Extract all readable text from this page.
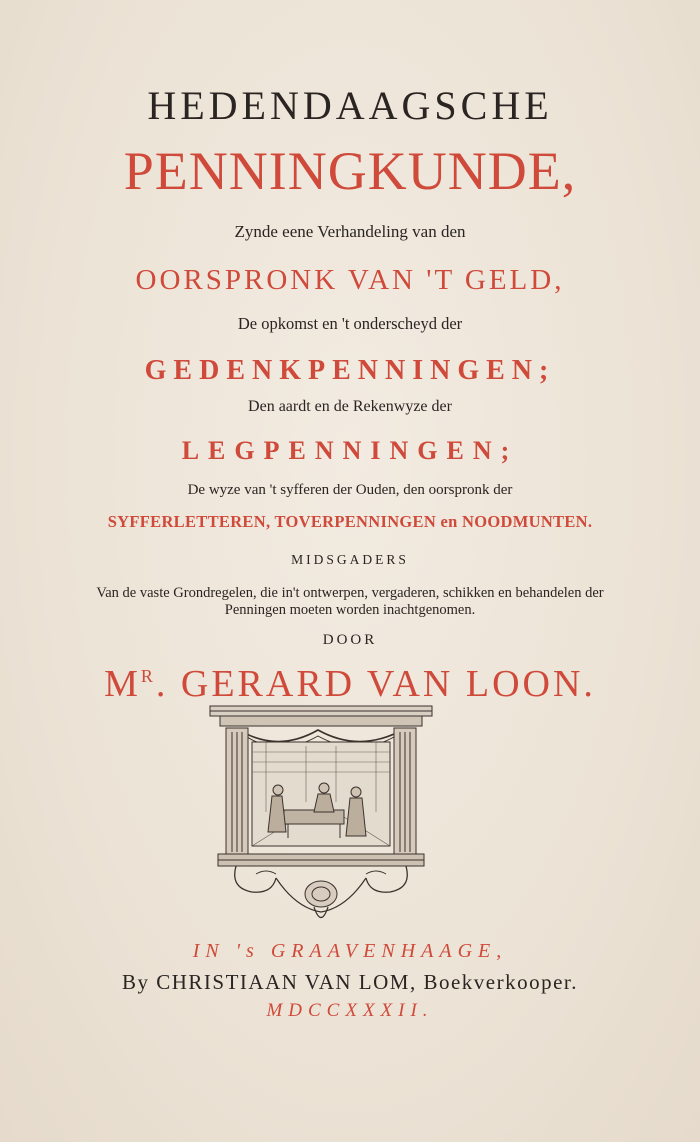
HEDENDAAGSCHE
PENNINGKUNDE,
Zynde eene Verhandeling van den
OORSPRONK VAN 'T GELD,
De opkomst en 't onderscheyd der
GEDENKPENNINGEN;
Den aardt en de Rekenwyze der
LEGPENNINGEN;
De wyze van 't syfferen der Ouden, den oorspronk der
SYFFERLETTEREN, TOVERPENNINGEN en NOODMUNTEN.
MIDSGADERS
Van de vaste Grondregelen, die in't ontwerpen, vergaderen, schikken en behandelen der
Penningen moeten worden inachtgenomen.
DOOR
$M^R$. GERARD VAN LOON.
IN 's GRAAVENHAAGE,
By CHRISTIAAN VAN LOM, Boekverkooper.
MDCCXXXII.
